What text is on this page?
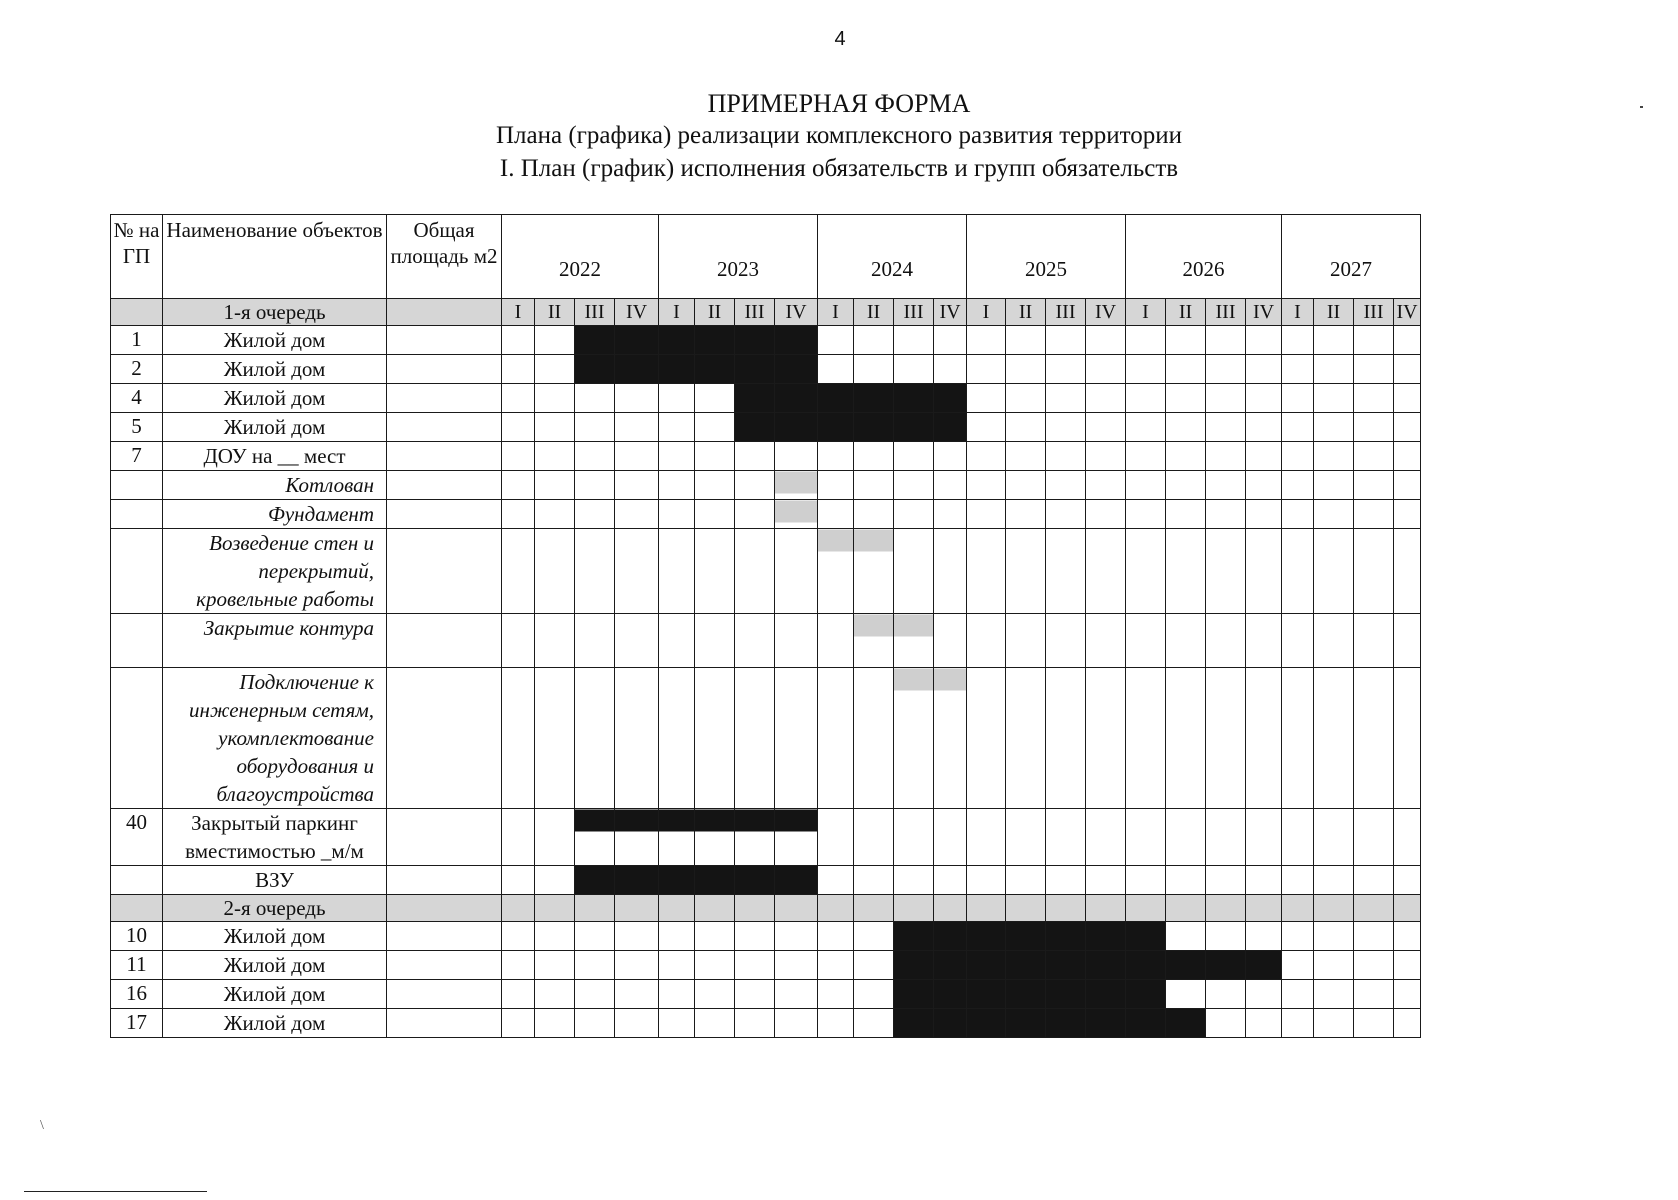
4
ПРИМЕРНАЯ ФОРМА
Плана (графика) реализации комплексного развития территории
I. План (график) исполнения обязательств и групп обязательств
№ на ГП	Наименование объектов	Общая площадь м2	2022				2023				2024				2025				2026				2027			
	1-я очередь		I	II	III	IV	I	II	III	IV	I	II	III	IV	I	II	III	IV	I	II	III	IV	I	II	III	IV
1	Жилой дом																									
2	Жилой дом																									
4	Жилой дом																									
5	Жилой дом																									
7	ДОУ на __ мест																									
	Котлован																									
	Фундамент																									
	Возведение стен и перекрытий, кровельные работы																									
	Закрытие контура																									
	Подключение к инженерным сетям, укомплектование оборудования и благоустройства																									
40	Закрытый паркинг вместимостью _м/м																									
	ВЗУ																									
	2-я очередь																									
10	Жилой дом																									
11	Жилой дом																									
16	Жилой дом																									
17	Жилой дом																									
\
